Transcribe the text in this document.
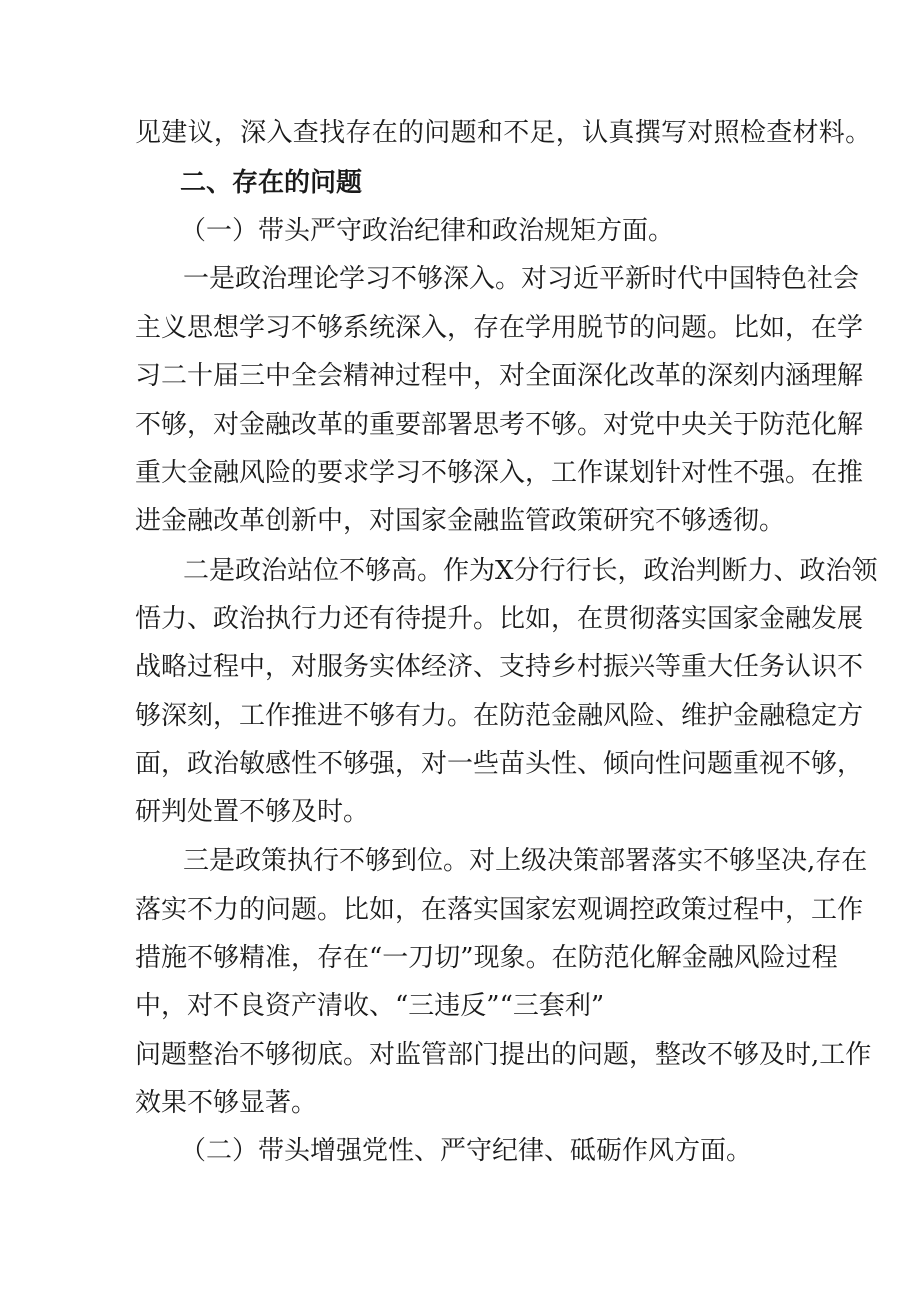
见建议，深入查找存在的问题和不足，认真撰写对照检查材料。
二、存在的问题
（一）带头严守政治纪律和政治规矩方面。
一是政治理论学习不够深入。对习近平新时代中国特色社会
主义思想学习不够系统深入，存在学用脱节的问题。比如，在学
习二十届三中全会精神过程中，对全面深化改革的深刻内涵理解
不够，对金融改革的重要部署思考不够。对党中央关于防范化解
重大金融风险的要求学习不够深入，工作谋划针对性不强。在推
进金融改革创新中，对国家金融监管政策研究不够透彻。
二是政治站位不够高。作为X分行行长，政治判断力、政治领
悟力、政治执行力还有待提升。比如，在贯彻落实国家金融发展
战略过程中，对服务实体经济、支持乡村振兴等重大任务认识不
够深刻，工作推进不够有力。在防范金融风险、维护金融稳定方
面，政治敏感性不够强，对一些苗头性、倾向性问题重视不够，
研判处置不够及时。
三是政策执行不够到位。对上级决策部署落实不够坚决,存在
落实不力的问题。比如，在落实国家宏观调控政策过程中，工作
措施不够精准，存在“一刀切”现象。在防范化解金融风险过程
中，对不良资产清收、“三违反”“三套利”
问题整治不够彻底。对监管部门提出的问题，整改不够及时,工作
效果不够显著。
（二）带头增强党性、严守纪律、砥砺作风方面。
